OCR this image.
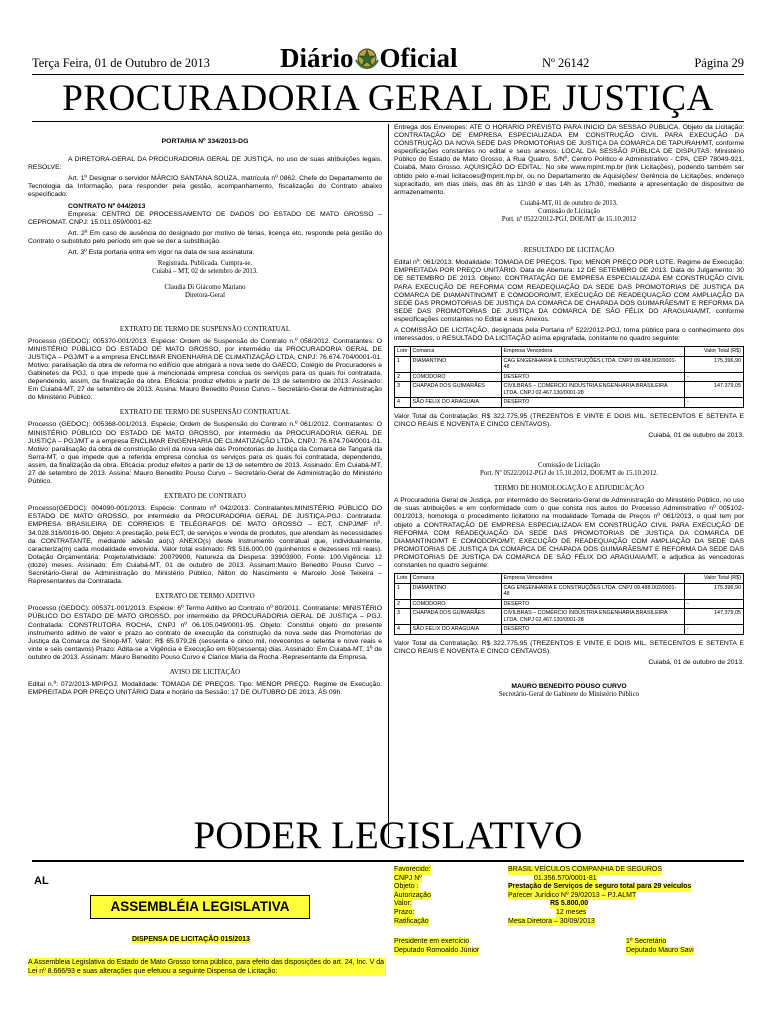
Terça Feira, 01 de Outubro de 2013	Diário Oficial	Nº 26142	Página 29
PROCURADORIA GERAL DE JUSTIÇA

PORTARIA Nº 334/2013-DG

A DIRETORA-GERAL DA PROCURADORIA GERAL DE JUSTIÇA, no uso de suas atribuições legais, RESOLVE:

Art. 1º Designar o servidor MÁRCIO SANTANA SOUZA, matrícula nº 0862, Chefe do Departamento de Tecnologia da Informação, para responder pela gestão, acompanhamento, fiscalização do Contrato abaixo especificado:

CONTRATO Nº 044/2013

Empresa: CENTRO DE PROCESSAMENTO DE DADOS DO ESTADO DE MATO GROSSO – CEPROMAT. CNPJ: 15.011.059/0001-62.

Art. 2º Em caso de ausência do designado por motivo de férias, licença etc, responde pela gestão do Contrato o substituto pelo período em que se der a substituição.

Art. 3º Esta portaria entra em vigor na data de sua assinatura.

Registrada. Publicada. Cumpra-se.

Cuiabá – MT, 02 de setembro de 2013.

Claudia Di Giácomo Mariano

Diretora-Geral

EXTRATO DE TERMO DE SUSPENSÃO CONTRATUAL

Processo (GEDOC): 005370-001/2013. Espécie: Ordem de Suspensão do Contrato n.º 058/2012. Contratantes: O MINISTÉRIO PÚBLICO DO ESTADO DE MATO GROSSO, por intermédio da PROCURADORIA GERAL DE JUSTIÇA – PGJ/MT e a empresa ENCLIMAR ENGENHARIA DE CLIMATIZAÇÃO LTDA, CNPJ: 76.674.704/0001-01. Motivo: paralisação da obra de reforma no edifício que abrigará a nova sede do GAECO, Colégio de Procuradores e Gabinetes da PGJ, o que impede que a mencionada empresa conclua os serviços para os quais foi contratada, dependendo, assim, da finalização da obra. Eficácia: produz efeitos a partir de 13 de setembro de 2013. Assinado: Em Cuiabá-MT, 27 de setembro de 2013. Assina: Mauro Benedito Pouso Curvo – Secretário-Geral de Administração do Ministério Público.

EXTRATO DE TERMO DE SUSPENSÃO CONTRATUAL

Processo (GEDOC): 005368-001/2013. Espécie: Ordem de Suspensão do Contrato n.º 061/2012. Contratantes: O MINISTÉRIO PÚBLICO DO ESTADO DE MATO GROSSO, por intermédio da PROCURADORIA GERAL DE JUSTIÇA – PGJ/MT e a empresa ENCLIMAR ENGENHARIA DE CLIMATIZAÇÃO LTDA, CNPJ: 76.674.704/0001-01. Motivo: paralisação da obra de construção civil da nova sede das Promotorias de Justiça da Comarca de Tangará da Serra-MT, o que impede que a referida empresa conclua os serviços para os quais foi contratada, dependendo, assim, da finalização da obra. Eficácia: produz efeitos a partir de 13 de setembro de 2013. Assinado: Em Cuiabá-MT, 27 de setembro de 2013. Assina: Mauro Benedito Pouso Curvo – Secretário-Geral de Administração do Ministério Público.

EXTRATO DE CONTRATO

Processo(GEDOC): 004090-001/2013. Espécie: Contrato nº 042/2013. Contratantes:MINISTÉRIO PÚBLICO DO ESTADO DE MATO GROSSO, por intermédio da PROCURADORIA GERAL DE JUSTIÇA-PGJ. Contratada: EMPRESA BRASILEIRA DE CORREIOS E TELÉGRAFOS DE MATO GROSSO – ECT, CNPJ/MF nº. 34.028.316/0016-90. Objeto: A prestação, pela ECT, de serviços e venda de produtos, que atendam às necessidades da CONTRATANTE, mediante adesão ao(s) ANEXO(s) deste Instrumento contratual que, individualmente, caracteriza(m) cada modalidade envolvida. Valor total estimado: R$ 516.000,00 (quinhentos e dezesseis mil reais). Dotação Orçamentária: Projeto/atividade: 20079900, Natureza da Despesa: 33903900, Fonte: 100.Vigência: 12 (doze) meses. Assinado: Em Cuiabá-MT, 01 de outubro de 2013. Assinam:Mauro Benedito Pouso Curvo – Secretário-Geral de Administração do Ministério Público, Nilton do Nascimento e Marcelo José Teixeira – Representantes da Contratada.

EXTRATO DE TERMO ADITIVO

Processo (GEDOC): 005371-001/2013. Espécie: 6º Termo Aditivo ao Contrato nº 80/2011. Contratante: MINISTÉRIO PÚBLICO DO ESTADO DE MATO GROSSO, por intermédio da PROCURADORIA GERAL DE JUSTIÇA – PGJ. Contratada: CONSTRUTORA ROCHA, CNPJ nº 06.105.049/0001-95. Objeto: Constitui objeto do presente instrumento aditivo de valor e prazo ao contrato de execução da construção da nova sede das Promotorias de Justiça da Comarca de Sinop-MT. Valor: R$ 65.979,26 (sessenta e cinco mil, novecentos e setenta e nove reais e vinte e seis centavos) Prazo: Adita-se a Vigência e Execução em 60(sessenta) dias. Assinado: Em Cuiabá-MT, 1º de outubro de 2013. Assinam: Mauro Benedito Pouso Curvo e Clarice Maria da Rocha -Representante da Empresa.

AVISO DE LICITAÇÃO

Edital n.º: 072/2013-MP/PGJ. Modalidade: TOMADA DE PREÇOS. Tipo: MENOR PREÇO. Regime de Execução: EMPREITADA POR PREÇO UNITÁRIO Data e horário da Sessão: 17 DE OUTUBRO DE 2013, ÀS 09h.

Entrega dos Envelopes: ATÉ O HORÁRIO PREVISTO PARA INÍCIO DA SESSÃO PÚBLICA. Objeto da Licitação: CONTRATAÇÃO DE EMPRESA ESPECIALIZADA EM CONSTRUÇÃO CIVIL PARA EXECUÇÃO DA CONSTRUÇÃO DA NOVA SEDE DAS PROMOTORIAS DE JUSTIÇA DA COMARCA DE TAPURAH/MT, conforme especificações constantes no edital e seus anexos. LOCAL DA SESSÃO PÚBLICA DE DISPUTAS: Ministério Público do Estado de Mato Grosso, à Rua Quatro, S/Nº, Centro Político e Administrativo - CPA, CEP 78049-921, Cuiabá, Mato Grosso. AQUISIÇÃO DO EDITAL: No site www.mpmt.mp.br (link Licitações), podendo também ser obtido pelo e-mail licitacoes@mpmt.mp.br, ou no Departamento de Aquisições/ Gerência de Licitações, endereço supracitado, em dias úteis, das 8h às 11h30 e das 14h às 17h30, mediante a apresentação de dispositivo de armazenamento.

Cuiabá-MT, 01 de outubro de 2013.

Comissão de Licitação

Port. nº 0522/2012-PGJ, DOE/MT de 15.10.2012

RESULTADO DE LICITAÇÃO

Edital nº: 061/2013. Modalidade: TOMADA DE PREÇOS. Tipo: MENOR PREÇO POR LOTE. Regime de Execução: EMPREITADA POR PREÇO UNITÁRIO. Data de Abertura: 12 DE SETEMBRO DE 2013. Data do Julgamento: 30 DE SETEMBRO DE 2013. Objeto: CONTRATAÇÃO DE EMPRESA ESPECIALIZADA EM CONSTRUÇÃO CIVIL PARA EXECUÇÃO DE REFORMA COM READEQUAÇÃO DA SEDE DAS PROMOTORIAS DE JUSTIÇA DA COMARCA DE DIAMANTINO/MT E COMODORO/MT, EXECUÇÃO DE READEQUAÇÃO COM AMPLIAÇÃO DA SEDE DAS PROMOTORIAS DE JUSTIÇA DA COMARCA DE CHAPADA DOS GUIMARÃES/MT E REFORMA DA SEDE DAS PROMOTORIAS DE JUSTIÇA DA COMARCA DE SÃO FÉLIX DO ARAGUAIA/MT, conforme especificações constantes no Edital e seus Anexos.

A COMISSÃO DE LICITAÇÃO, designada pela Portaria nº 522/2012-PGJ, torna público para o conhecimento dos interessados, o RESULTADO DA LICITAÇÃO acima epigrafada, constante no quadro seguinte:

Lote	Comarca	Empresa Vencedora	Valor Total (R$)
1	DIAMANTINO	CAG ENGENHARIA E CONSTRUÇÕES LTDA. CNPJ 09.488.002/0001-48	175.396,90
2	COMODORO	DESERTO	-
3	CHAPADA DOS GUIMARÃES	CIVILBRAS – COMÉRCIO INDÚSTRIA ENGENHARIA BRASILEIRA LTDA. CNPJ 02.467.130/0001-28	147.379,05
4	SÃO FELIX DO ARAGUAIA	DESERTO	-

Valor Total da Contratação: R$ 322.775,95 (TREZENTOS E VINTE E DOIS MIL, SETECENTOS E SETENTA E CINCO REAIS E NOVENTA E CINCO CENTAVOS).

Cuiabá, 01 de outubro de 2013.

Comissão de Licitação

Port. Nº 0522/2012-PGJ de 15.10.2012, DOE/MT de 15.10.2012.

TERMO DE HOMOLOGAÇÃO E ADJUDICAÇÃO

A Procuradoria Geral de Justiça, por intermédio do Secretário-Geral de Administração do Ministério Público, no uso de suas atribuições e em conformidade com o que consta nos autos do Processo Administrativo nº 005102-001/2013, homologa o procedimento licitatório na modalidade Tomada de Preços nº 061/2013, o qual tem por objeto a CONTRATAÇÃO DE EMPRESA ESPECIALIZADA EM CONSTRUÇÃO CIVIL PARA EXECUÇÃO DE REFORMA COM READEQUAÇÃO DA SEDE DAS PROMOTORIAS DE JUSTIÇA DA COMARCA DE DIAMANTINO/MT E COMODORO/MT, EXECUÇÃO DE READEQUAÇÃO COM AMPLIAÇÃO DA SEDE DAS PROMOTORIAS DE JUSTIÇA DA COMARCA DE CHAPADA DOS GUIMARÃES/MT E REFORMA DA SEDE DAS PROMOTORIAS DE JUSTIÇA DA COMARCA DE SÃO FÉLIX DO ARAGUAIA/MT, e adjudica às vencedoras constantes no quadro seguinte:

Lote	Comarca	Empresa Vencedora	Valor Total (R$)
1	DIAMANTINO	CAG ENGENHARIA E CONSTRUÇÕES LTDA. CNPJ 09.488.002/0001-48	175.396,90
2	COMODORO	DESERTO	-
3	CHAPADA DOS GUIMARÃES	CIVILBRAS – COMÉRCIO INDÚSTRIA ENGENHARIA BRASILEIRA LTDA. CNPJ 02.467.130/0001-28	147.379,05
4	SÃO FELIX DO ARAGUAIA	DESERTO	-

Valor Total da Contratação: R$ 322.775,95 (TREZENTOS E VINTE E DOIS MIL, SETECENTOS E SETENTA E CINCO REAIS E NOVENTA E CINCO CENTAVOS).

Cuiabá, 01 de outubro de 2013.

MAURO BENEDITO POUSO CURVO

Secretário-Geral de Gabinete do Ministério Público

PODER LEGISLATIVO
AL
ASSEMBLÉIA LEGISLATIVA
DISPENSA DE LICITAÇÃO 015/2013
A Assembleia Legislativa do Estado de Mato Grosso torna público, para efeito das disposições do art. 24, Inc. V da Lei nº 8.666/93 e suas alterações que efetuou a seguinte Dispensa de Licitação:
Favorecido:	BRASIL VEÍCULOS COMPANHIA DE SEGUROS
CNPJ Nº	01.356.570/0001-81
Objeto :	Prestação de Serviços de seguro total para 29 veículos
Autorização	Parecer Jurídico Nº 29/02013 – PJ.ALMT
Valor:	R$ 5.800,00
Prazo:	12 meses
Ratificação	Mesa Diretora – 30/09/2013
Presidente em exercício	1º Secretário
Deputado Romoaldo Júnior	Deputado Mauro Savi
